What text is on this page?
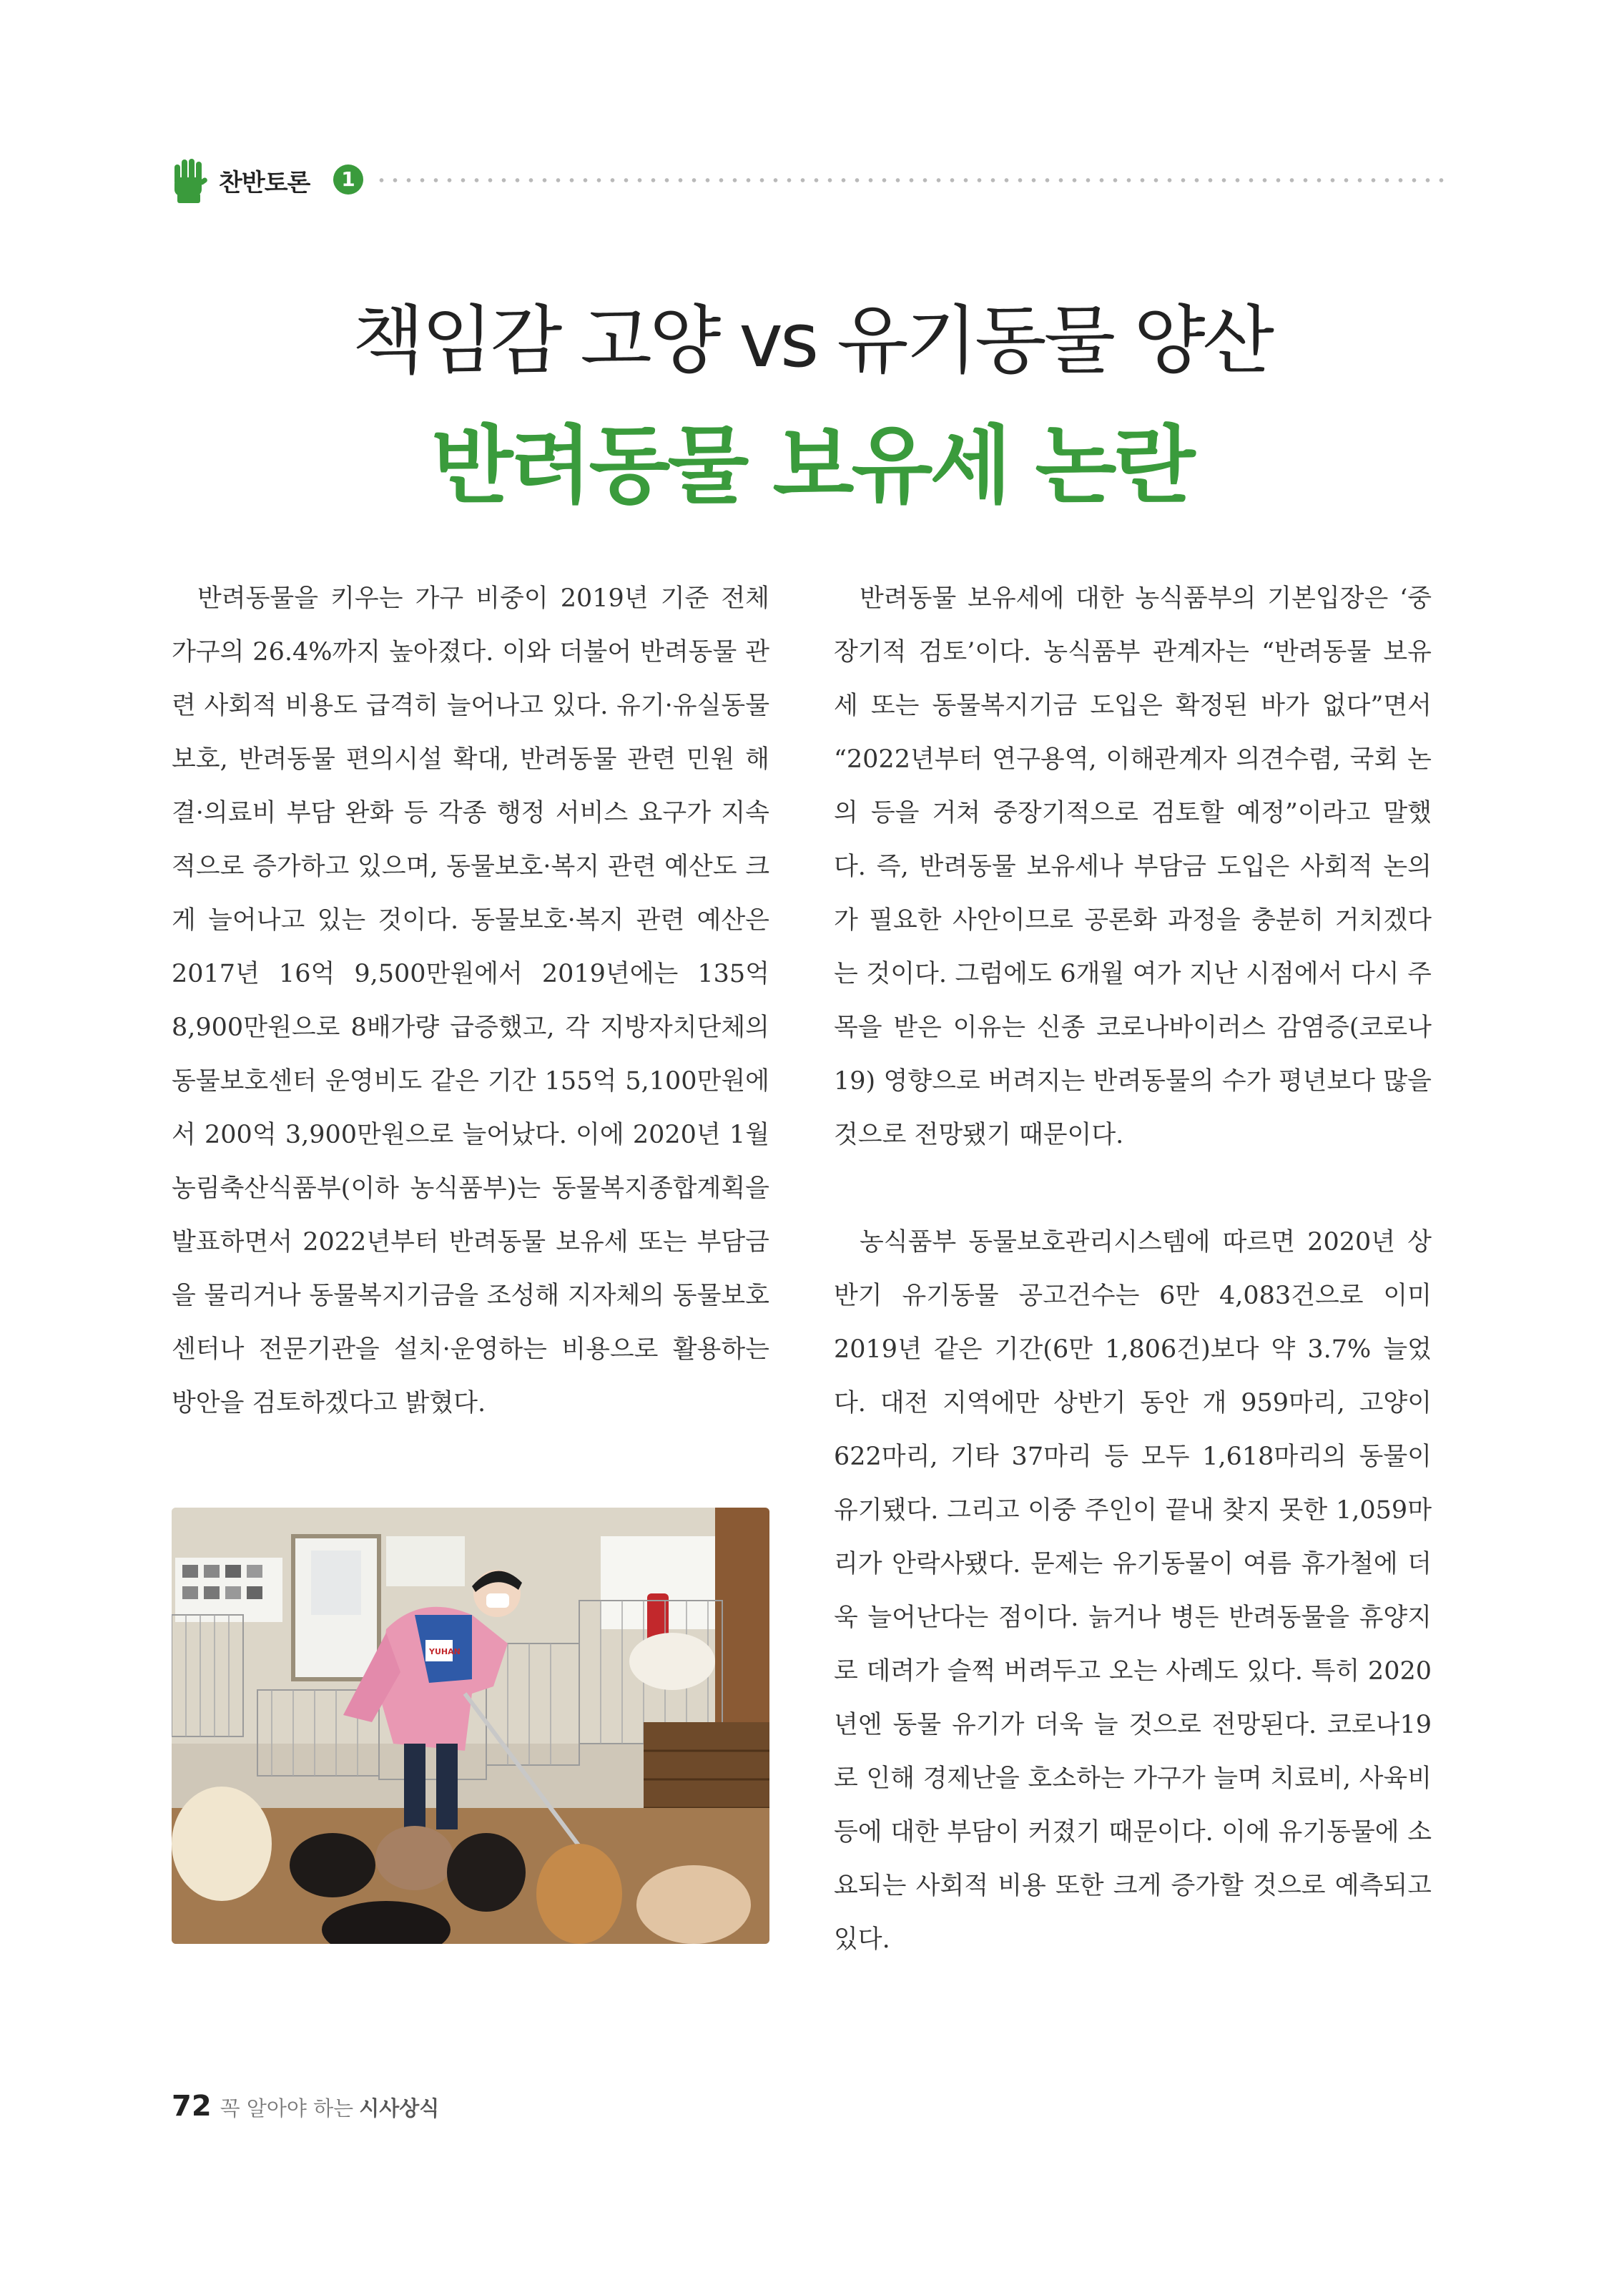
찬반토론	1
책임감 고양 vs 유기동물 양산
반려동물 보유세 논란

반려동물을 키우는 가구 비중이 2019년 기준 전체 가구의 26.4%까지 높아졌다. 이와 더불어 반려동물 관련 사회적 비용도 급격히 늘어나고 있다. 유기·유실동물 보호, 반려동물 편의시설 확대, 반려동물 관련 민원 해결·의료비 부담 완화 등 각종 행정 서비스 요구가 지속적으로 증가하고 있으며, 동물보호·복지 관련 예산도 크게 늘어나고 있는 것이다. 동물보호·복지 관련 예산은 2017년 16억 9,500만원에서 2019년에는 135억 8,900만원으로 8배가량 급증했고, 각 지방자치단체의 동물보호센터 운영비도 같은 기간 155억 5,100만원에서 200억 3,900만원으로 늘어났다. 이에 2020년 1월 농림축산식품부(이하 농식품부)는 동물복지종합계획을 발표하면서 2022년부터 반려동물 보유세 또는 부담금을 물리거나 동물복지기금을 조성해 지자체의 동물보호센터나 전문기관을 설치·운영하는 비용으로 활용하는 방안을 검토하겠다고 밝혔다.

반려동물 보유세에 대한 농식품부의 기본입장은 ‘중장기적 검토’이다. 농식품부 관계자는 “반려동물 보유세 또는 동물복지기금 도입은 확정된 바가 없다”면서 “2022년부터 연구용역, 이해관계자 의견수렴, 국회 논의 등을 거쳐 중장기적으로 검토할 예정”이라고 말했다. 즉, 반려동물 보유세나 부담금 도입은 사회적 논의가 필요한 사안이므로 공론화 과정을 충분히 거치겠다는 것이다. 그럼에도 6개월 여가 지난 시점에서 다시 주목을 받은 이유는 신종 코로나바이러스 감염증(코로나19) 영향으로 버려지는 반려동물의 수가 평년보다 많을 것으로 전망됐기 때문이다.

농식품부 동물보호관리시스템에 따르면 2020년 상반기 유기동물 공고건수는 6만 4,083건으로 이미 2019년 같은 기간(6만 1,806건)보다 약 3.7% 늘었다. 대전 지역에만 상반기 동안 개 959마리, 고양이 622마리, 기타 37마리 등 모두 1,618마리의 동물이 유기됐다. 그리고 이중 주인이 끝내 찾지 못한 1,059마리가 안락사됐다. 문제는 유기동물이 여름 휴가철에 더욱 늘어난다는 점이다. 늙거나 병든 반려동물을 휴양지로 데려가 슬쩍 버려두고 오는 사례도 있다. 특히 2020년엔 동물 유기가 더욱 늘 것으로 전망된다. 코로나19로 인해 경제난을 호소하는 가구가 늘며 치료비, 사육비 등에 대한 부담이 커졌기 때문이다. 이에 유기동물에 소요되는 사회적 비용 또한 크게 증가할 것으로 예측되고 있다.

YUHAN
72 꼭 알아야 하는 시사상식
